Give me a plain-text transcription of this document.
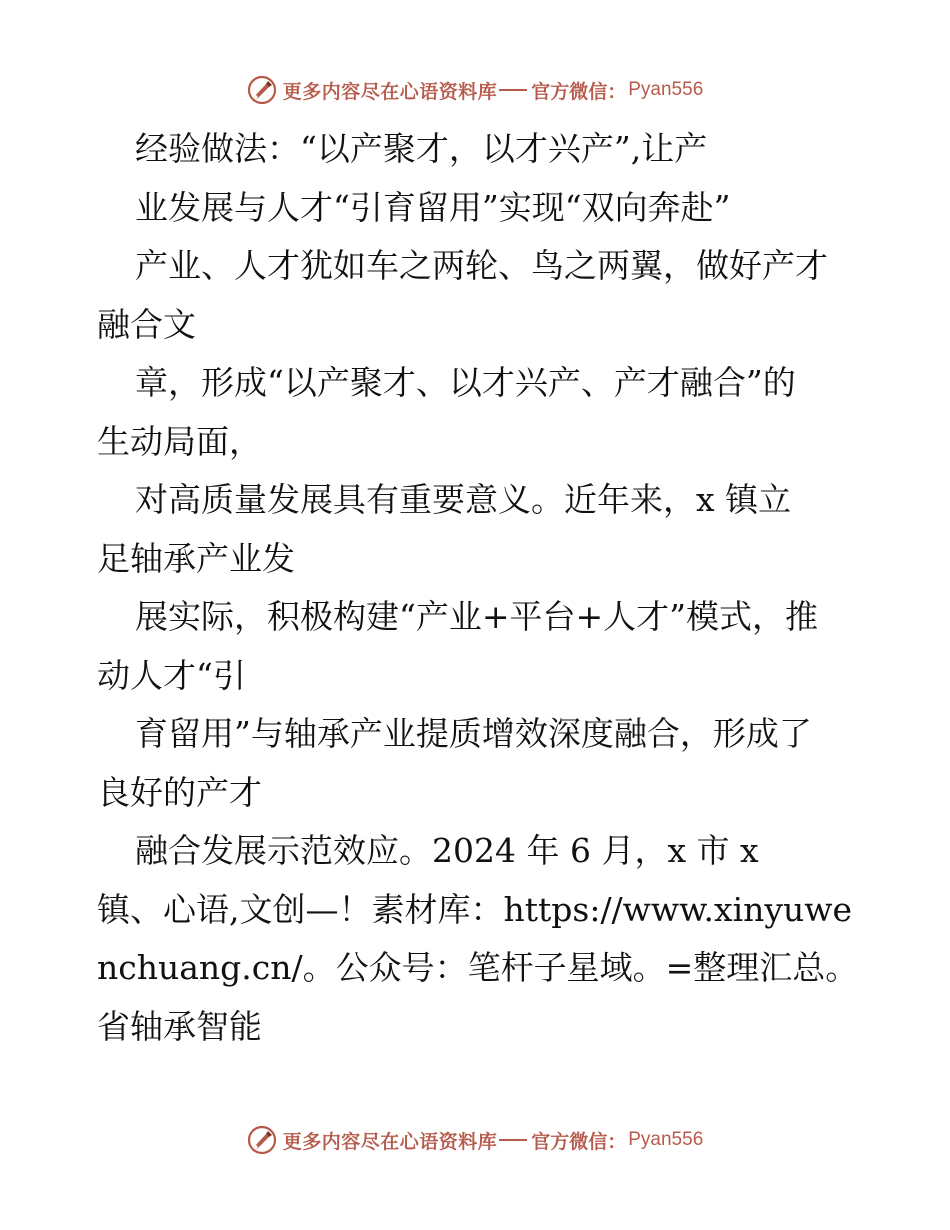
更多内容尽在心语资料库 官方微信： Pyan556
经验做法：“以产聚才，以才兴产”,让产
业发展与人才“引育留用”实现“双向奔赴”
产业、人才犹如车之两轮、鸟之两翼，做好产才
融合文
章，形成“以产聚才、以才兴产、产才融合”的
生动局面，
对高质量发展具有重要意义。近年来，x 镇立
足轴承产业发
展实际，积极构建“产业+平台+人才”模式，推
动人才“引
育留用”与轴承产业提质增效深度融合，形成了
良好的产才
融合发展示范效应。2024 年 6 月，x 市 x
镇、心语,文创—！素材库：https://www.xinyuwe
nchuang.cn/。公众号：笔杆子星域。=整理汇总。
省轴承智能
更多内容尽在心语资料库 官方微信： Pyan556
